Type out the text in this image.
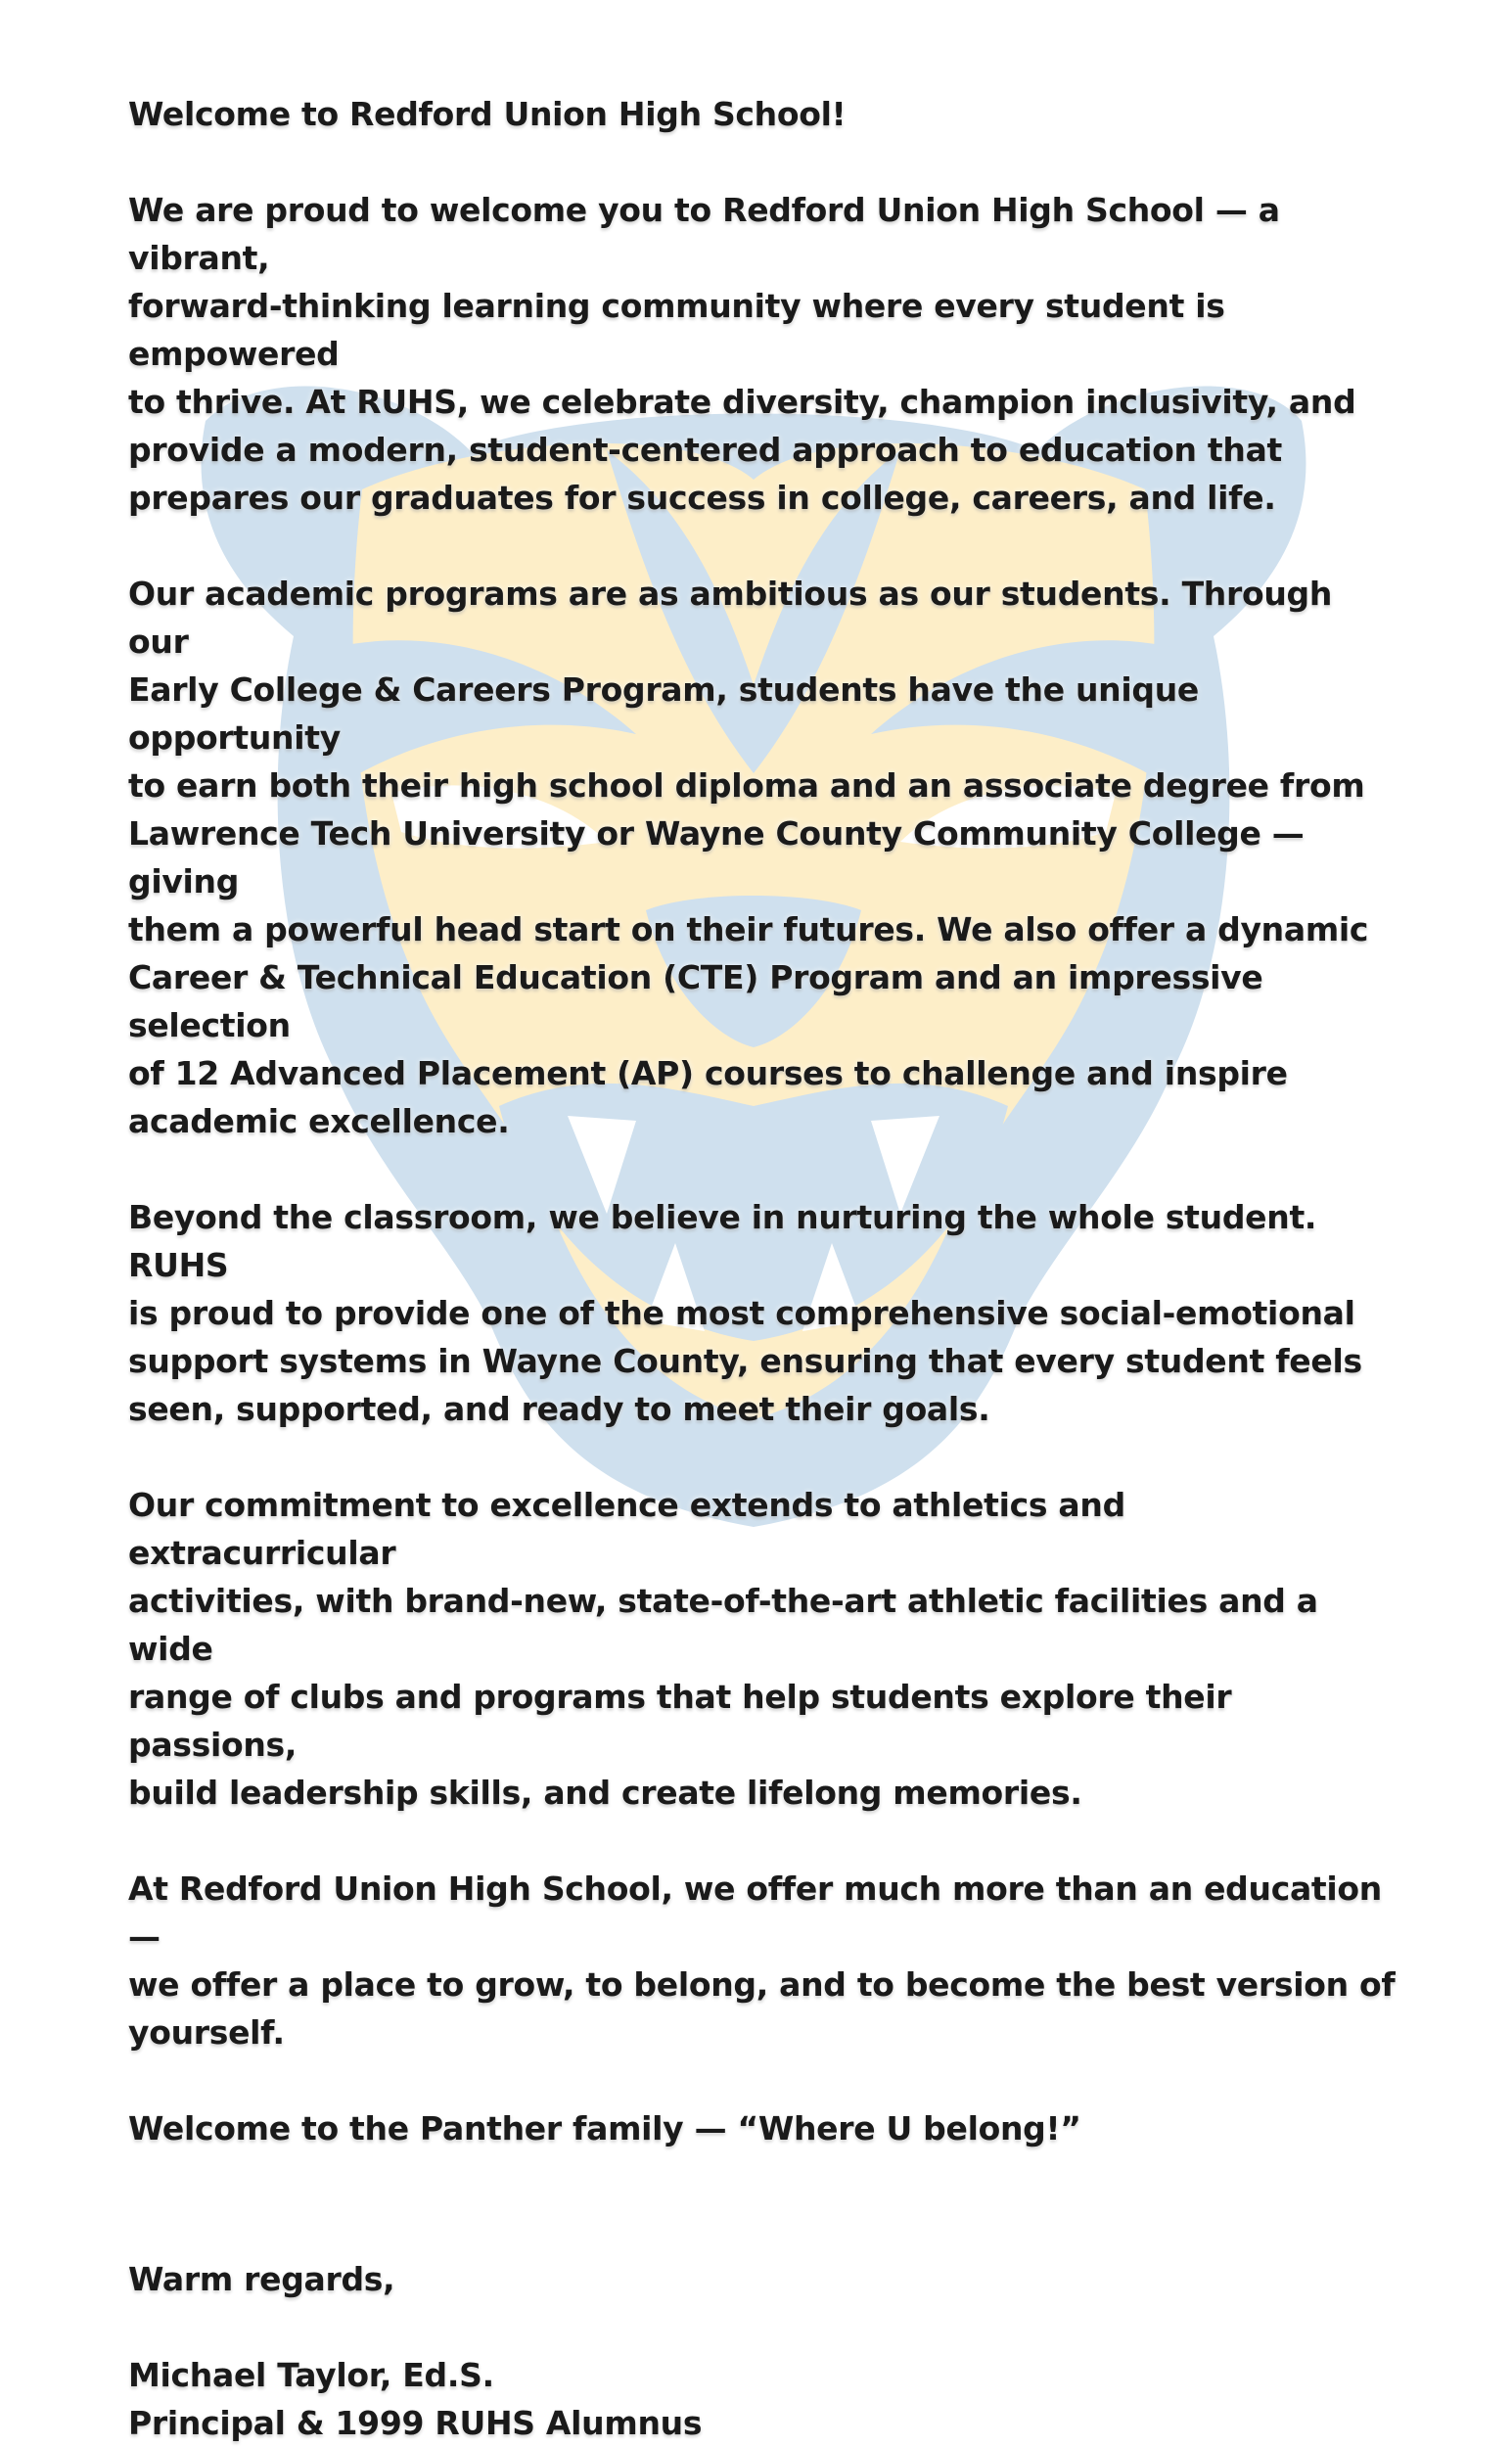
Welcome to Redford Union High School!

We are proud to welcome you to Redford Union High School — a vibrant,
forward-thinking learning community where every student is empowered
to thrive. At RUHS, we celebrate diversity, champion inclusivity, and
provide a modern, student-centered approach to education that
prepares our graduates for success in college, careers, and life.

Our academic programs are as ambitious as our students. Through our
Early College & Careers Program, students have the unique opportunity
to earn both their high school diploma and an associate degree from
Lawrence Tech University or Wayne County Community College — giving
them a powerful head start on their futures. We also offer a dynamic
Career & Technical Education (CTE) Program and an impressive selection
of 12 Advanced Placement (AP) courses to challenge and inspire
academic excellence.

Beyond the classroom, we believe in nurturing the whole student. RUHS
is proud to provide one of the most comprehensive social-emotional
support systems in Wayne County, ensuring that every student feels
seen, supported, and ready to meet their goals.

Our commitment to excellence extends to athletics and extracurricular
activities, with brand-new, state-of-the-art athletic facilities and a wide
range of clubs and programs that help students explore their passions,
build leadership skills, and create lifelong memories.

At Redford Union High School, we offer much more than an education —
we offer a place to grow, to belong, and to become the best version of
yourself.

Welcome to the Panther family — “Where U belong!”

Warm regards,

Michael Taylor, Ed.S.

Principal & 1999 RUHS Alumnus
